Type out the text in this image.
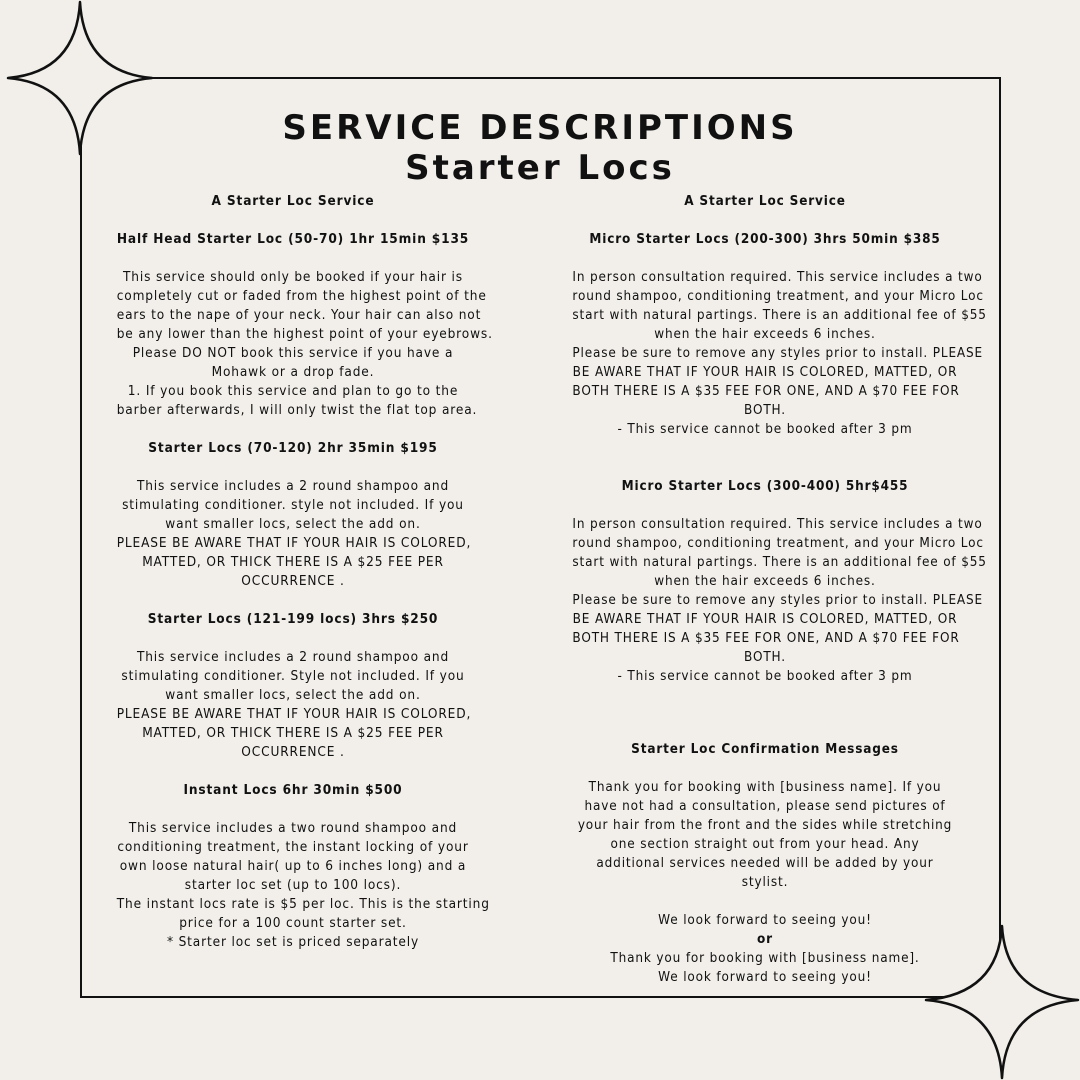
SERVICE DESCRIPTIONS
Starter Locs

A Starter Loc Service

Half Head Starter Loc (50-70) 1hr 15min $135

This service should only be booked if your hair is
completely cut or faded from the highest point of the
ears to the nape of your neck. Your hair can also not
be any lower than the highest point of your eyebrows.
Please DO NOT book this service if you have a
Mohawk or a drop fade.
1. If you book this service and plan to go to the
barber afterwards, I will only twist the flat top area.

Starter Locs (70-120) 2hr 35min $195

This service includes a 2 round shampoo and
stimulating conditioner. style not included. If you
want smaller locs, select the add on.
PLEASE BE AWARE THAT IF YOUR HAIR IS COLORED,
MATTED, OR THICK THERE IS A $25 FEE PER
OCCURRENCE .

Starter Locs (121-199 locs) 3hrs $250

This service includes a 2 round shampoo and
stimulating conditioner. Style not included. If you
want smaller locs, select the add on.
PLEASE BE AWARE THAT IF YOUR HAIR IS COLORED,
MATTED, OR THICK THERE IS A $25 FEE PER
OCCURRENCE .

Instant Locs 6hr 30min $500

This service includes a two round shampoo and
conditioning treatment, the instant locking of your
own loose natural hair( up to 6 inches long) and a
starter loc set (up to 100 locs).
The instant locs rate is $5 per loc. This is the starting
price for a 100 count starter set.
* Starter loc set is priced separately

A Starter Loc Service

Micro Starter Locs (200-300) 3hrs 50min $385

In person consultation required. This service includes a two
round shampoo, conditioning treatment, and your Micro Loc
start with natural partings. There is an additional fee of $55
when the hair exceeds 6 inches.
Please be sure to remove any styles prior to install. PLEASE
BE AWARE THAT IF YOUR HAIR IS COLORED, MATTED, OR
BOTH THERE IS A $35 FEE FOR ONE, AND A $70 FEE FOR
BOTH.
- This service cannot be booked after 3 pm

Micro Starter Locs (300-400) 5hr$455

In person consultation required. This service includes a two
round shampoo, conditioning treatment, and your Micro Loc
start with natural partings. There is an additional fee of $55
when the hair exceeds 6 inches.
Please be sure to remove any styles prior to install. PLEASE
BE AWARE THAT IF YOUR HAIR IS COLORED, MATTED, OR
BOTH THERE IS A $35 FEE FOR ONE, AND A $70 FEE FOR
BOTH.
- This service cannot be booked after 3 pm

Starter Loc Confirmation Messages

Thank you for booking with [business name]. If you
have not had a consultation, please send pictures of
your hair from the front and the sides while stretching
one section straight out from your head. Any
additional services needed will be added by your
stylist.

We look forward to seeing you!

or

Thank you for booking with [business name].
We look forward to seeing you!
